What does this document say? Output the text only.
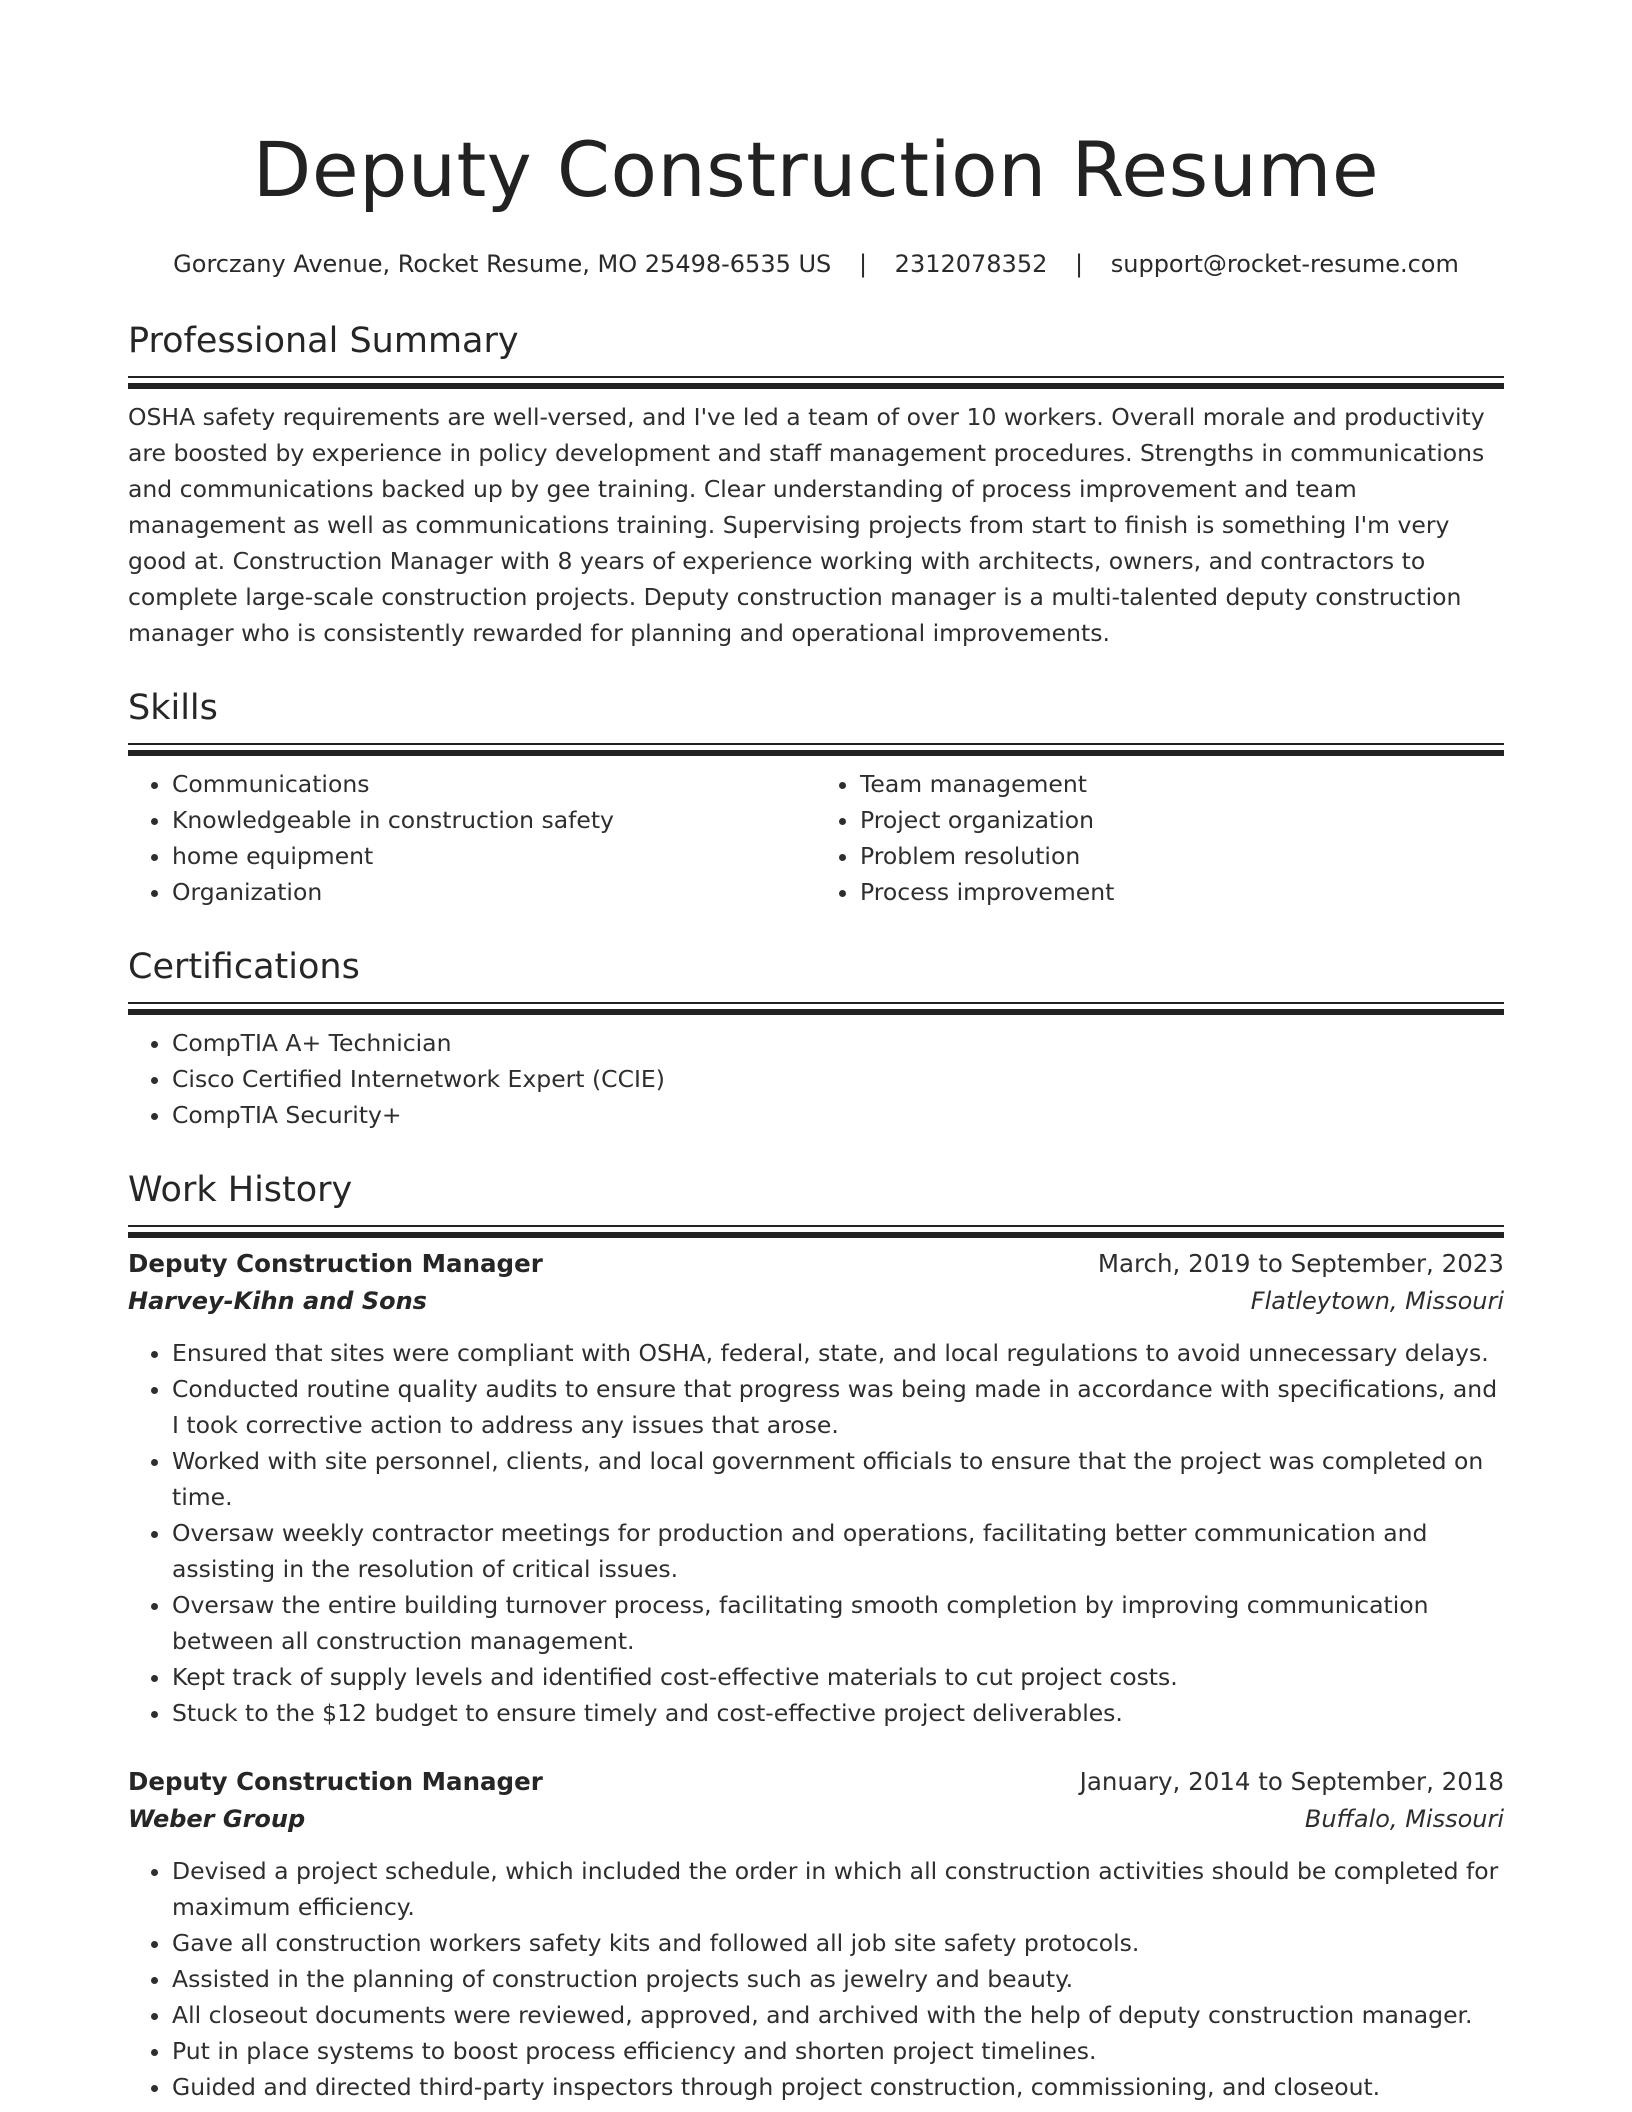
Deputy Construction Resume
Gorczany Avenue, Rocket Resume, MO 25498-6535 US | 2312078352 | support@rocket-resume.com
Professional Summary

OSHA safety requirements are well-versed, and I've led a team of over 10 workers. Overall morale and productivity are boosted by experience in policy development and staff management procedures. Strengths in communications and communications backed up by gee training. Clear understanding of process improvement and team management as well as communications training. Supervising projects from start to finish is something I'm very good at. Construction Manager with 8 years of experience working with architects, owners, and contractors to complete large-scale construction projects. Deputy construction manager is a multi-talented deputy construction manager who is consistently rewarded for planning and operational improvements.

Skills
• Communications
• Knowledgeable in construction safety
• home equipment
• Organization
• Team management
• Project organization
• Problem resolution
• Process improvement
Certifications
• CompTIA A+ Technician
• Cisco Certified Internetwork Expert (CCIE)
• CompTIA Security+
Work History
Deputy Construction Manager	March, 2019 to September, 2023
Harvey-Kihn and Sons	Flatleytown, Missouri
• Ensured that sites were compliant with OSHA, federal, state, and local regulations to avoid unnecessary delays.
• Conducted routine quality audits to ensure that progress was being made in accordance with specifications, and I took corrective action to address any issues that arose.
• Worked with site personnel, clients, and local government officials to ensure that the project was completed on time.
• Oversaw weekly contractor meetings for production and operations, facilitating better communication and assisting in the resolution of critical issues.
• Oversaw the entire building turnover process, facilitating smooth completion by improving communication between all construction management.
• Kept track of supply levels and identified cost-effective materials to cut project costs.
• Stuck to the $12 budget to ensure timely and cost-effective project deliverables.
Deputy Construction Manager	January, 2014 to September, 2018
Weber Group	Buffalo, Missouri
• Devised a project schedule, which included the order in which all construction activities should be completed for maximum efficiency.
• Gave all construction workers safety kits and followed all job site safety protocols.
• Assisted in the planning of construction projects such as jewelry and beauty.
• All closeout documents were reviewed, approved, and archived with the help of deputy construction manager.
• Put in place systems to boost process efficiency and shorten project timelines.
• Guided and directed third-party inspectors through project construction, commissioning, and closeout.
